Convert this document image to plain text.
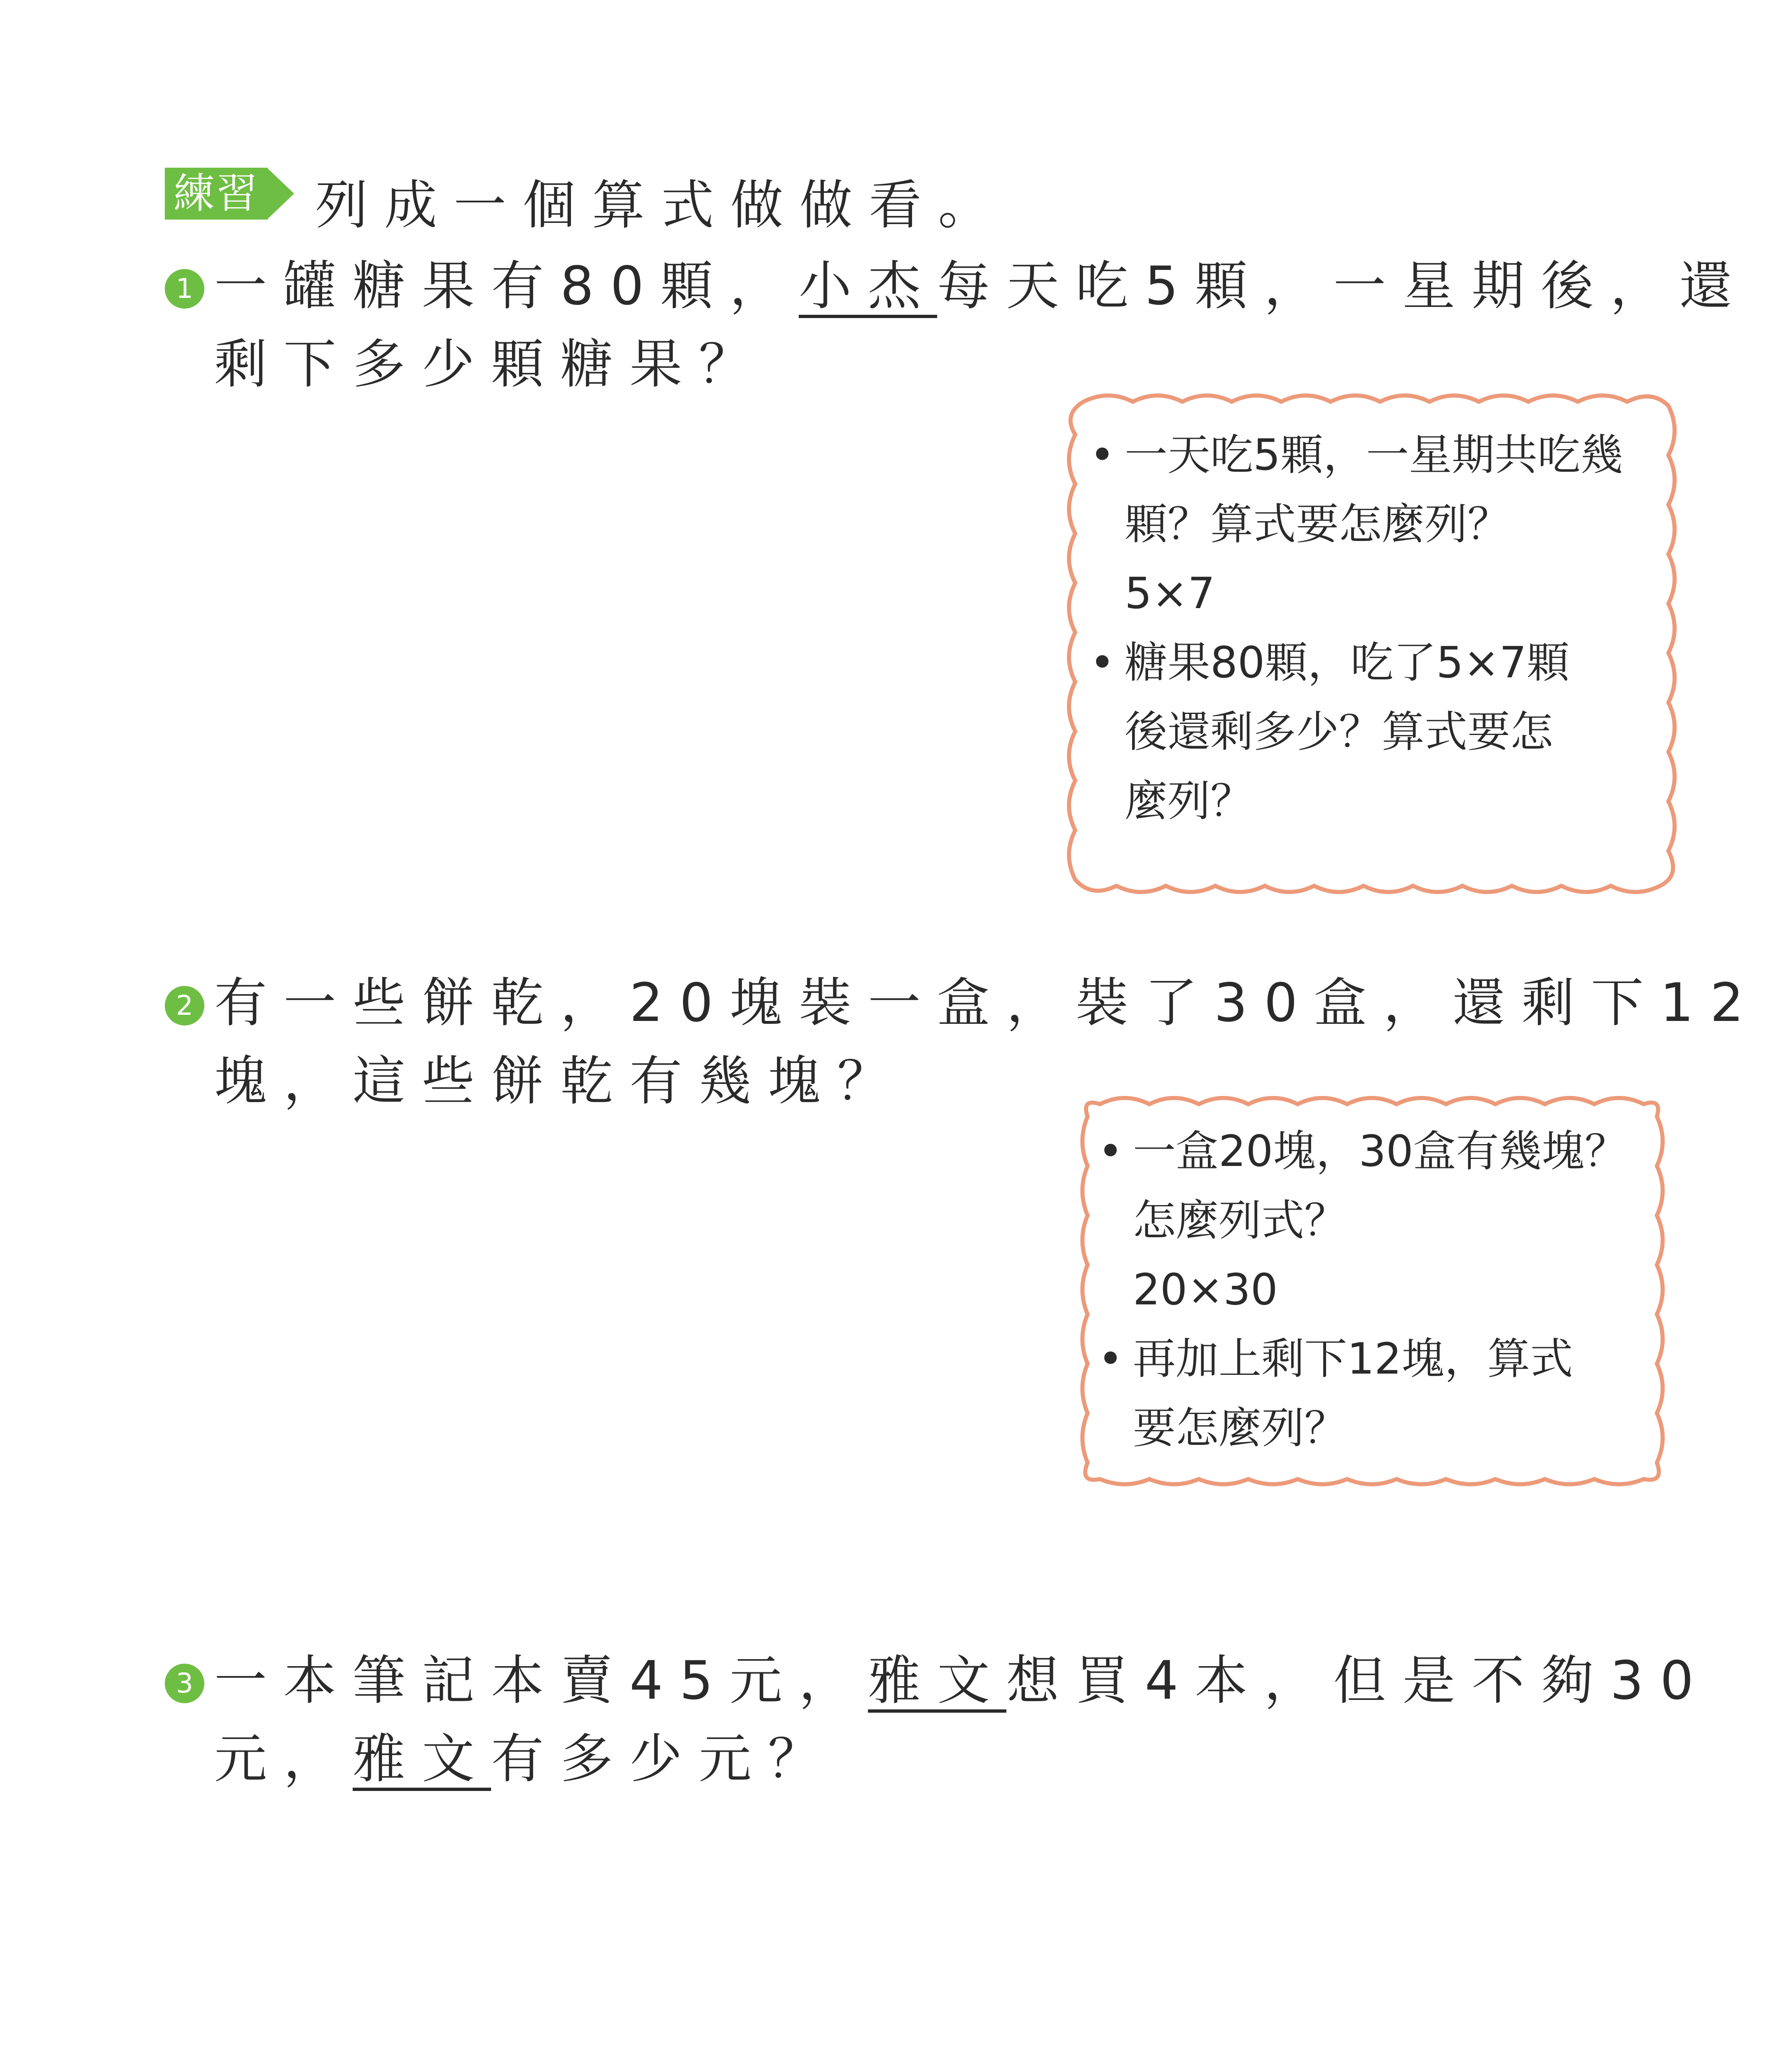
練習 列成一個算式做做看。
1 一罐糖果有80顆，小杰每天吃5顆，一星期後，還
剩下多少顆糖果？
• 一天吃5顆，一星期共吃幾
顆？算式要怎麼列？
5×7
• 糖果80顆，吃了5×7顆
後還剩多少？算式要怎
麼列？
2 有一些餅乾，20塊裝一盒，裝了30盒，還剩下12
塊，這些餅乾有幾塊？
• 一盒20塊，30盒有幾塊？
怎麼列式？
20×30
• 再加上剩下12塊，算式
要怎麼列？
3 一本筆記本賣45元，雅文想買4本，但是不夠30
元，雅文有多少元？
